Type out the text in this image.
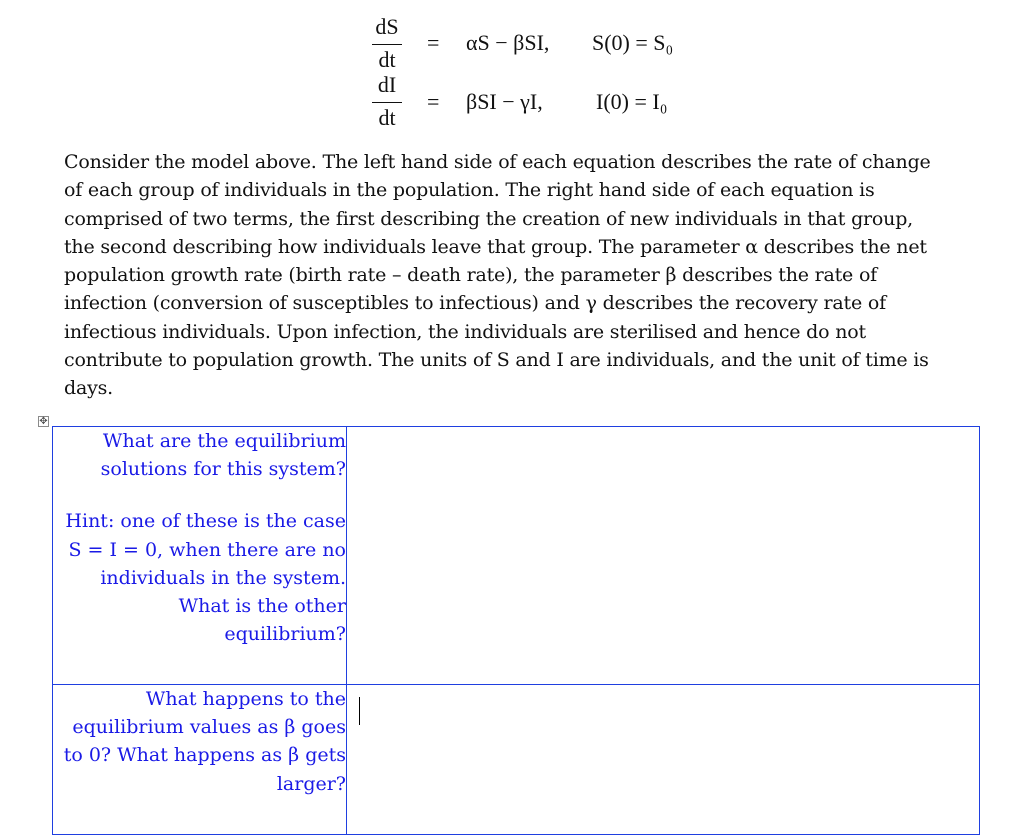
dS
dt
= αS − βSI, S(0) = S₀
dI
dt
= βSI − γI, I(0) = I₀
Consider the model above. The left hand side of each equation describes the rate of change
of each group of individuals in the population. The right hand side of each equation is
comprised of two terms, the first describing the creation of new individuals in that group,
the second describing how individuals leave that group. The parameter α describes the net
population growth rate (birth rate – death rate), the parameter β describes the rate of
infection (conversion of susceptibles to infectious) and γ describes the recovery rate of
infectious individuals. Upon infection, the individuals are sterilised and hence do not
contribute to population growth. The units of S and I are individuals, and the unit of time is
days.
✥

What are the equilibrium solutions for this system?

Hint: one of these is the case S = I = 0, when there are no individuals in the system. What is the other equilibrium?	

What happens to the equilibrium values as β goes to 0? What happens as β gets larger?	
